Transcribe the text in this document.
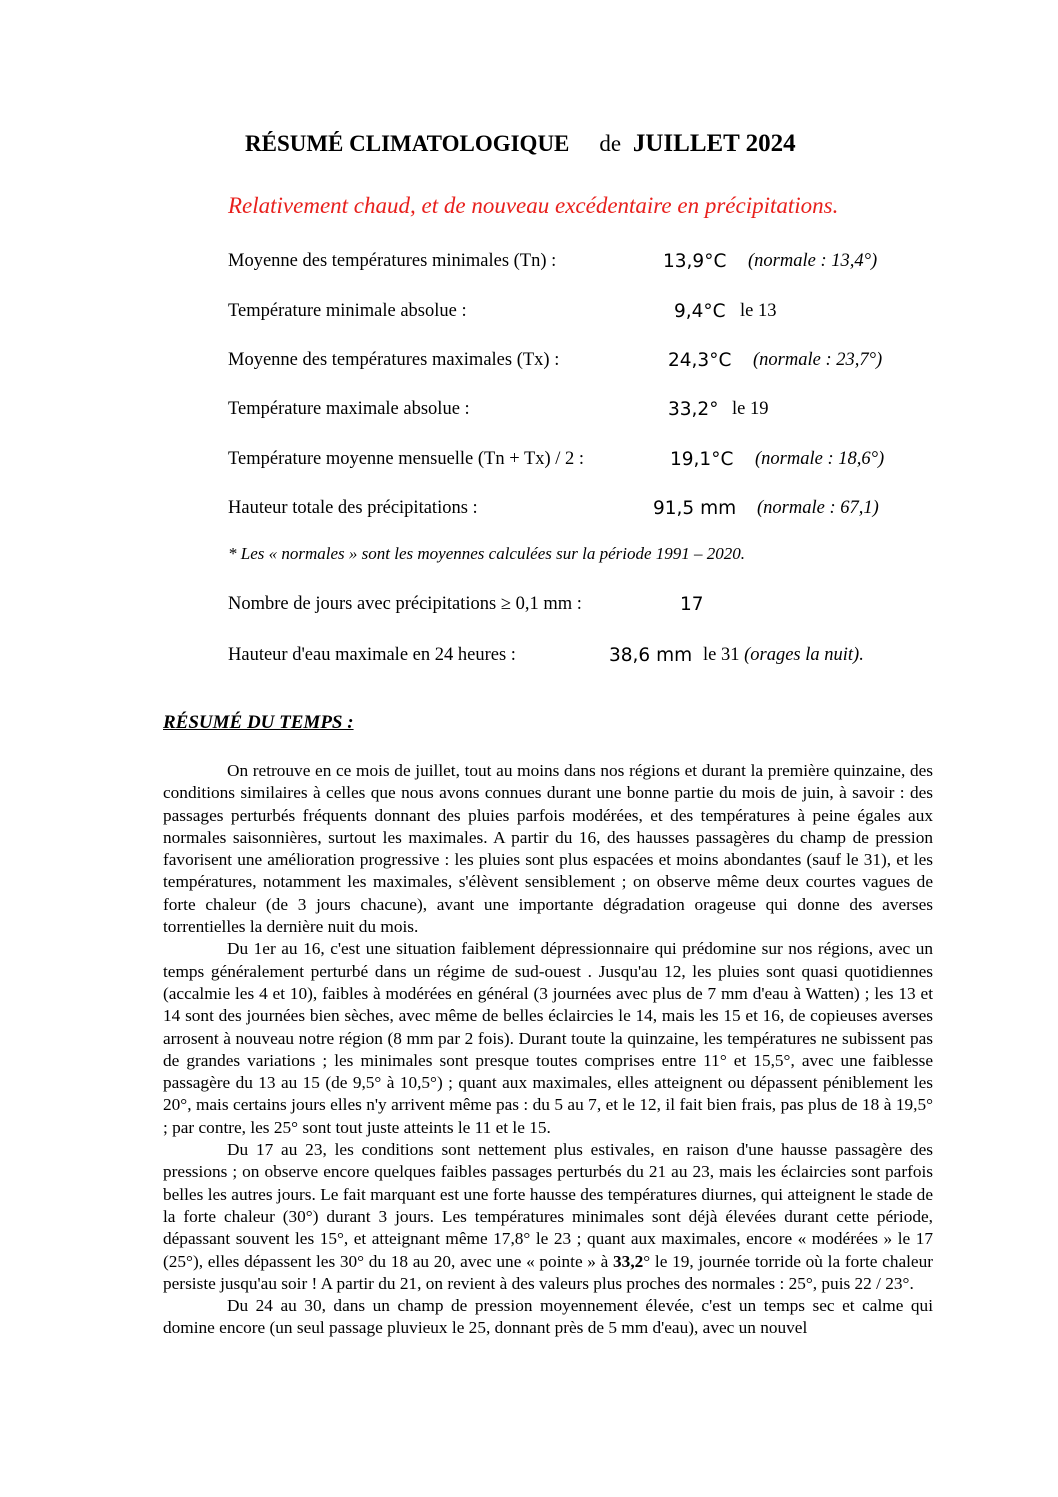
RÉSUMÉ CLIMATOLOGIQUE de JUILLET 2024
Relativement chaud, et de nouveau excédentaire en précipitations.
Moyenne des températures minimales (Tn) :	13,9°C (normale : 13,4°)
Température minimale absolue :	9,4°C le 13
Moyenne des températures maximales (Tx) :	24,3°C (normale : 23,7°)
Température maximale absolue :	33,2° le 19
Température moyenne mensuelle (Tn + Tx) / 2 :	19,1°C (normale : 18,6°)
Hauteur totale des précipitations :	91,5 mm (normale : 67,1)
* Les « normales » sont les moyennes calculées sur la période 1991 – 2020.
Nombre de jours avec précipitations ≥ 0,1 mm :	17
Hauteur d'eau maximale en 24 heures :	38,6 mm le 31 (orages la nuit).
RÉSUMÉ DU TEMPS :

On retrouve en ce mois de juillet, tout au moins dans nos régions et durant la première quinzaine, des conditions similaires à celles que nous avons connues durant une bonne partie du mois de juin, à savoir : des passages perturbés fréquents donnant des pluies parfois modérées, et des températures à peine égales aux normales saisonnières, surtout les maximales. A partir du 16, des hausses passagères du champ de pression favorisent une amélioration progressive : les pluies sont plus espacées et moins abondantes (sauf le 31), et les températures, notamment les maximales, s'élèvent sensiblement ; on observe même deux courtes vagues de forte chaleur (de 3 jours chacune), avant une importante dégradation orageuse qui donne des averses torrentielles la dernière nuit du mois.

Du 1er au 16, c'est une situation faiblement dépressionnaire qui prédomine sur nos régions, avec un temps généralement perturbé dans un régime de sud-ouest . Jusqu'au 12, les pluies sont quasi quotidiennes (accalmie les 4 et 10), faibles à modérées en général (3 journées avec plus de 7 mm d'eau à Watten) ; les 13 et 14 sont des journées bien sèches, avec même de belles éclaircies le 14, mais les 15 et 16, de copieuses averses arrosent à nouveau notre région (8 mm par 2 fois). Durant toute la quinzaine, les températures ne subissent pas de grandes variations ; les minimales sont presque toutes comprises entre 11° et 15,5°, avec une faiblesse passagère du 13 au 15 (de 9,5° à 10,5°) ; quant aux maximales, elles atteignent ou dépassent péniblement les 20°, mais certains jours elles n'y arrivent même pas : du 5 au 7, et le 12, il fait bien frais, pas plus de 18 à 19,5° ; par contre, les 25° sont tout juste atteints le 11 et le 15.

Du 17 au 23, les conditions sont nettement plus estivales, en raison d'une hausse passagère des pressions ; on observe encore quelques faibles passages perturbés du 21 au 23, mais les éclaircies sont parfois belles les autres jours. Le fait marquant est une forte hausse des températures diurnes, qui atteignent le stade de la forte chaleur (30°) durant 3 jours. Les températures minimales sont déjà élevées durant cette période, dépassant souvent les 15°, et atteignant même 17,8° le 23 ; quant aux maximales, encore « modérées » le 17 (25°), elles dépassent les 30° du 18 au 20, avec une « pointe » à 33,2° le 19, journée torride où la forte chaleur persiste jusqu'au soir ! A partir du 21, on revient à des valeurs plus proches des normales : 25°, puis 22 / 23°.

Du 24 au 30, dans un champ de pression moyennement élevée, c'est un temps sec et calme qui domine encore (un seul passage pluvieux le 25, donnant près de 5 mm d'eau), avec un nouvel
